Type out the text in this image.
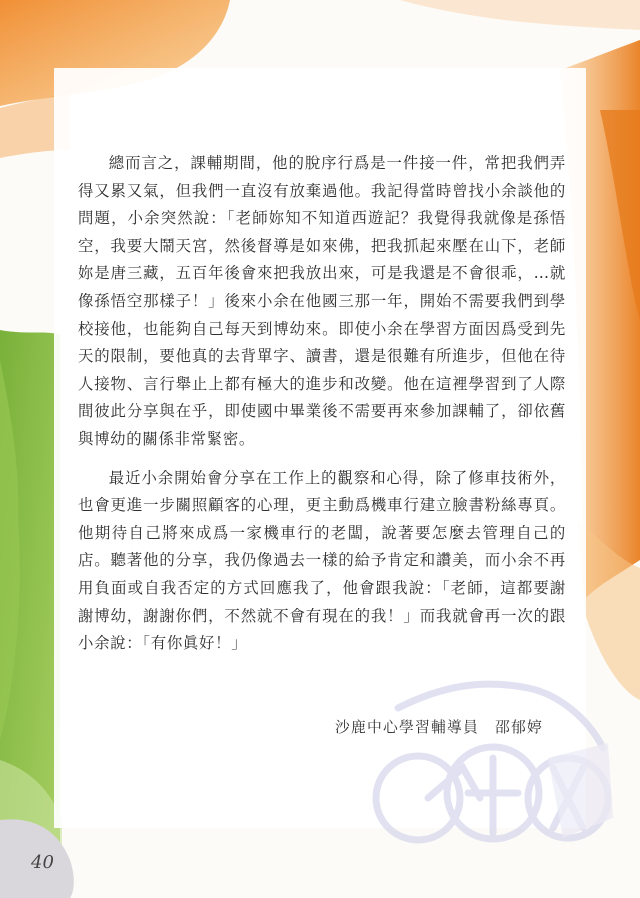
總而言之，課輔期間，他的脫序行爲是一件接一件，常把我們弄得又累又氣，但我們一直沒有放棄過他。我記得當時曾找小余談他的問題，小余突然說：「老師妳知不知道西遊記？我覺得我就像是孫悟空，我要大鬧天宮，然後督導是如來佛，把我抓起來壓在山下，老師妳是唐三藏，五百年後會來把我放出來，可是我還是不會很乖，…就像孫悟空那樣子！」後來小余在他國三那一年，開始不需要我們到學校接他，也能夠自己每天到博幼來。即使小余在學習方面因爲受到先天的限制，要他真的去背單字、讀書，還是很難有所進步，但他在待人接物、言行舉止上都有極大的進步和改變。他在這裡學習到了人際間彼此分享與在乎，即使國中畢業後不需要再來參加課輔了，卻依舊與博幼的關係非常緊密。

最近小余開始會分享在工作上的觀察和心得，除了修車技術外，也會更進一步關照顧客的心理，更主動爲機車行建立臉書粉絲專頁。他期待自己將來成爲一家機車行的老闆，說著要怎麼去管理自己的店。聽著他的分享，我仍像過去一樣的給予肯定和讚美，而小余不再用負面或自我否定的方式回應我了，他會跟我說：「老師，這都要謝謝博幼，謝謝你們，不然就不會有現在的我！」而我就會再一次的跟小余說：「有你眞好！」

沙鹿中心學習輔導員　邵郁婷
40
